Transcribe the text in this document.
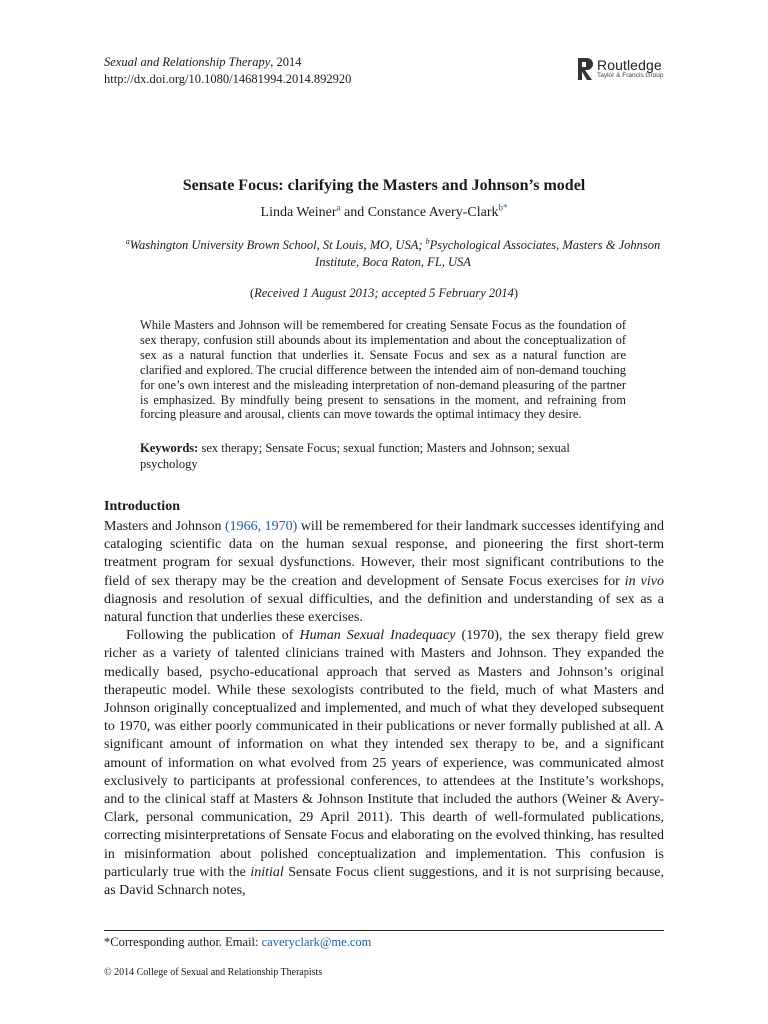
Sexual and Relationship Therapy, 2014
http://dx.doi.org/10.1080/14681994.2014.892920
Routledge
Taylor & Francis Group
Sensate Focus: clarifying the Masters and Johnson’s model
Linda Weiner$^a$ and Constance Avery-Clark$^{b*}$
$^a$Washington University Brown School, St Louis, MO, USA; $^b$Psychological Associates, Masters & Johnson Institute, Boca Raton, FL, USA
(Received 1 August 2013; accepted 5 February 2014)

While Masters and Johnson will be remembered for creating Sensate Focus as the foundation of sex therapy, confusion still abounds about its implementation and about the conceptualization of sex as a natural function that underlies it. Sensate Focus and sex as a natural function are clarified and explored. The crucial difference between the intended aim of non-demand touching for one’s own interest and the misleading interpretation of non-demand pleasuring of the partner is emphasized. By mindfully being present to sensations in the moment, and refraining from forcing pleasure and arousal, clients can move towards the optimal intimacy they desire.

Keywords: sex therapy; Sensate Focus; sexual function; Masters and Johnson; sexual psychology
Introduction

Masters and Johnson (1966, 1970) will be remembered for their landmark successes identifying and cataloging scientific data on the human sexual response, and pioneering the first short-term treatment program for sexual dysfunctions. However, their most significant contributions to the field of sex therapy may be the creation and development of Sensate Focus exercises for in vivo diagnosis and resolution of sexual difficulties, and the definition and understanding of sex as a natural function that underlies these exercises.

Following the publication of Human Sexual Inadequacy (1970), the sex therapy field grew richer as a variety of talented clinicians trained with Masters and Johnson. They expanded the medically based, psycho-educational approach that served as Masters and Johnson’s original therapeutic model. While these sexologists contributed to the field, much of what Masters and Johnson originally conceptualized and implemented, and much of what they developed subsequent to 1970, was either poorly communicated in their publications or never formally published at all. A significant amount of information on what they intended sex therapy to be, and a significant amount of information on what evolved from 25 years of experience, was communicated almost exclusively to participants at professional conferences, to attendees at the Institute’s workshops, and to the clinical staff at Masters & Johnson Institute that included the authors (Weiner & Avery-Clark, personal communication, 29 April 2011). This dearth of well-formulated publications, correcting misinterpretations of Sensate Focus and elaborating on the evolved thinking, has resulted in misinformation about polished conceptualization and implementation. This confusion is particularly true with the initial Sensate Focus client suggestions, and it is not surprising because, as David Schnarch notes,

*Corresponding author. Email: caveryclark@me.com
© 2014 College of Sexual and Relationship Therapists
